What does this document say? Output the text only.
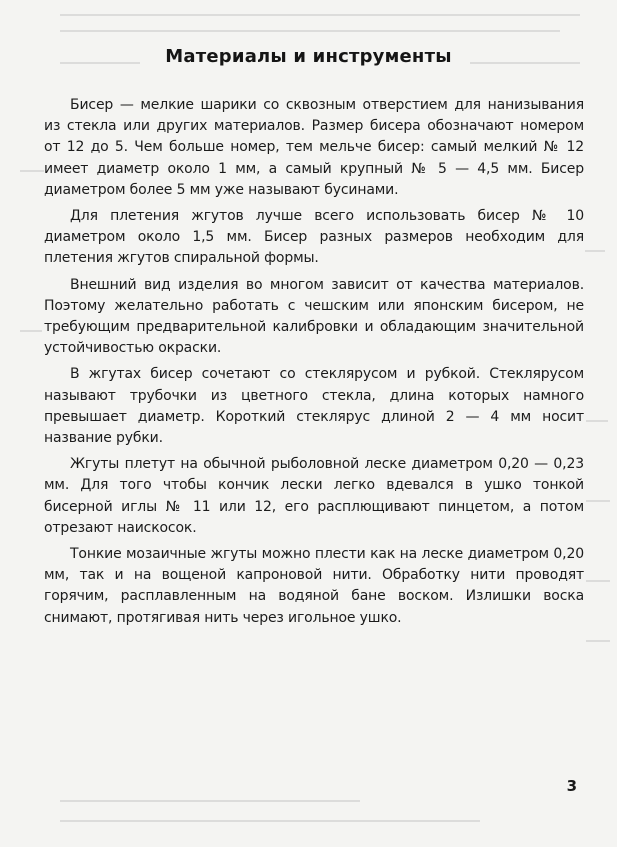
Материалы и инструменты

Бисер — мелкие шарики со сквозным отверстием для нанизывания из стекла или других материалов. Размер бисера обозначают номером от 12 до 5. Чем больше номер, тем мельче бисер: самый мелкий № 12 имеет диаметр около 1 мм, а самый крупный № 5 — 4,5 мм. Бисер диаметром более 5 мм уже называют бусинами.

Для плетения жгутов лучше всего использовать бисер № 10 диаметром около 1,5 мм. Бисер разных размеров необходим для плетения жгутов спиральной формы.

Внешний вид изделия во многом зависит от качества материалов. Поэтому желательно работать с чешским или японским бисером, не требующим предварительной калибровки и обладающим значительной устойчивостью окраски.

В жгутах бисер сочетают со стеклярусом и рубкой. Стеклярусом называют трубочки из цветного стекла, длина которых намного превышает диаметр. Короткий стеклярус длиной 2 — 4 мм носит название рубки.

Жгуты плетут на обычной рыболовной леске диаметром 0,20 — 0,23 мм. Для того чтобы кончик лески легко вдевался в ушко тонкой бисерной иглы № 11 или 12, его расплющивают пинцетом, а потом отрезают наискосок.

Тонкие мозаичные жгуты можно плести как на леске диаметром 0,20 мм, так и на вощеной капроновой нити. Обработку нити проводят горячим, расплавленным на водяной бане воском. Излишки воска снимают, протягивая нить через игольное ушко.

3
